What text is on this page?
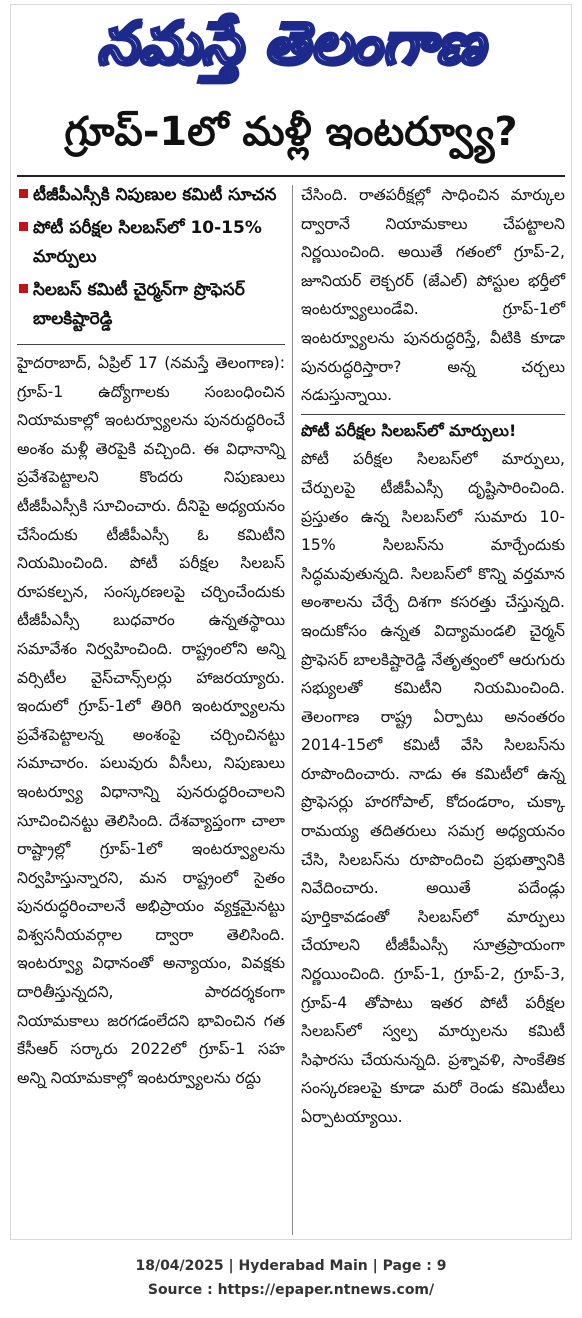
నమస్తే తెలంగాణ
గ్రూప్-1లో మళ్లీ ఇంటర్వ్యూ?
టీజీపీఎస్సీకి నిపుణుల కమిటీ సూచన
పోటీ పరీక్షల సిలబస్‌లో 10-15% మార్పులు
సిలబస్ కమిటీ చైర్మన్‌గా ప్రొఫెసర్ బాలకిష్టారెడ్డి

హైదరాబాద్, ఏప్రిల్ 17 (నమస్తే తెలంగాణ): గ్రూప్-1 ఉద్యోగాలకు సంబంధించిన నియామకాల్లో ఇంటర్వ్యూలను పునరుద్ధరించే అంశం మళ్లీ తెరపైకి వచ్చింది. ఈ విధానాన్ని ప్రవేశపెట్టాలని కొందరు నిపుణులు టీజీపీఎస్సీకి సూచించారు. దీనిపై అధ్యయనం చేసేందుకు టీజీపీఎస్సీ ఓ కమిటీని నియమించింది. పోటీ పరీక్షల సిలబస్ రూపకల్పన, సంస్కరణలపై చర్చించేందుకు టీజీపీఎస్సీ బుధవారం ఉన్నతస్థాయి సమావేశం నిర్వహించింది. రాష్ట్రంలోని అన్ని వర్సిటీల వైస్‌చాన్స్‌లర్లు హాజరయ్యారు. ఇందులో గ్రూప్-1లో తిరిగి ఇంటర్వ్యూలను ప్రవేశపెట్టాలన్న అంశంపై చర్చించినట్టు సమాచారం. పలువురు వీసీలు, నిపుణులు ఇంటర్వ్యూ విధానాన్ని పునరుద్ధరించాలని సూచించినట్టు తెలిసింది. దేశవ్యాప్తంగా చాలా రాష్ట్రాల్లో గ్రూప్-1లో ఇంటర్వ్యూలను నిర్వహిస్తున్నారని, మన రాష్ట్రంలో సైతం పునరుద్ధరించాలనే అభిప్రాయం వ్యక్తమైనట్టు విశ్వసనీయవర్గాల ద్వారా తెలిసింది. ఇంటర్వ్యూ విధానంతో అన్యాయం, వివక్షకు దారితీస్తున్నదని, పారదర్శకంగా నియామకాలు జరగడంలేదని భావించిన గత కేసీఆర్ సర్కారు 2022లో గ్రూప్-1 సహ అన్ని నియామకాల్లో ఇంటర్వ్యూలను రద్దు

చేసింది. రాతపరీక్షల్లో సాధించిన మార్కుల ద్వారానే నియామకాలు చేపట్టాలని నిర్ణయించింది. అయితే గతంలో గ్రూప్-2, జూనియర్ లెక్చరర్ (జేఎల్) పోస్టుల భర్తీలో ఇంటర్వ్యూలుండేవి. గ్రూప్-1లో ఇంటర్వ్యూలను పునరుద్ధరిస్తే, వీటికి కూడా పునరుద్ధరిస్తారా? అన్న చర్చలు నడుస్తున్నాయి.

పోటీ పరీక్షల సిలబస్‌లో మార్పులు!

పోటీ పరీక్షల సిలబస్‌లో మార్పులు, చేర్పులపై టీజీపీఎస్సీ దృష్టిసారించింది. ప్రస్తుతం ఉన్న సిలబస్‌లో సుమారు 10-15% సిలబస్‌ను మార్చేందుకు సిద్ధమవుతున్నది. సిలబస్‌లో కొన్ని వర్తమాన అంశాలను చేర్చే దిశగా కసరత్తు చేస్తున్నది. ఇందుకోసం ఉన్నత విద్యామండలి చైర్మన్ ప్రొఫెసర్ బాలకిష్టారెడ్డి నేతృత్వంలో ఆరుగురు సభ్యులతో కమిటీని నియమించింది. తెలంగాణ రాష్ట్ర ఏర్పాటు అనంతరం 2014-15లో కమిటీ వేసి సిలబస్‌ను రూపొందించారు. నాడు ఈ కమిటీలో ఉన్న ప్రొఫెసర్లు హరగోపాల్, కోదండరాం, చుక్కా రామయ్య తదితరులు సమగ్ర అధ్యయనం చేసి, సిలబస్‌ను రూపొందించి ప్రభుత్వానికి నివేదించారు. అయితే పదేండ్లు పూర్తికావడంతో సిలబస్‌లో మార్పులు చేయాలని టీజీపీఎస్సీ సూత్రప్రాయంగా నిర్ణయించింది. గ్రూప్-1, గ్రూప్-2, గ్రూప్-3, గ్రూప్-4 తోపాటు ఇతర పోటీ పరీక్షల సిలబస్‌లో స్వల్ప మార్పులను కమిటీ సిఫారసు చేయనున్నది. ప్రశ్నావళి, సాంకేతిక సంస్కరణలపై కూడా మరో రెండు కమిటీలు ఏర్పాటయ్యాయి.

18/04/2025 | Hyderabad Main | Page : 9
Source : https://epaper.ntnews.com/
